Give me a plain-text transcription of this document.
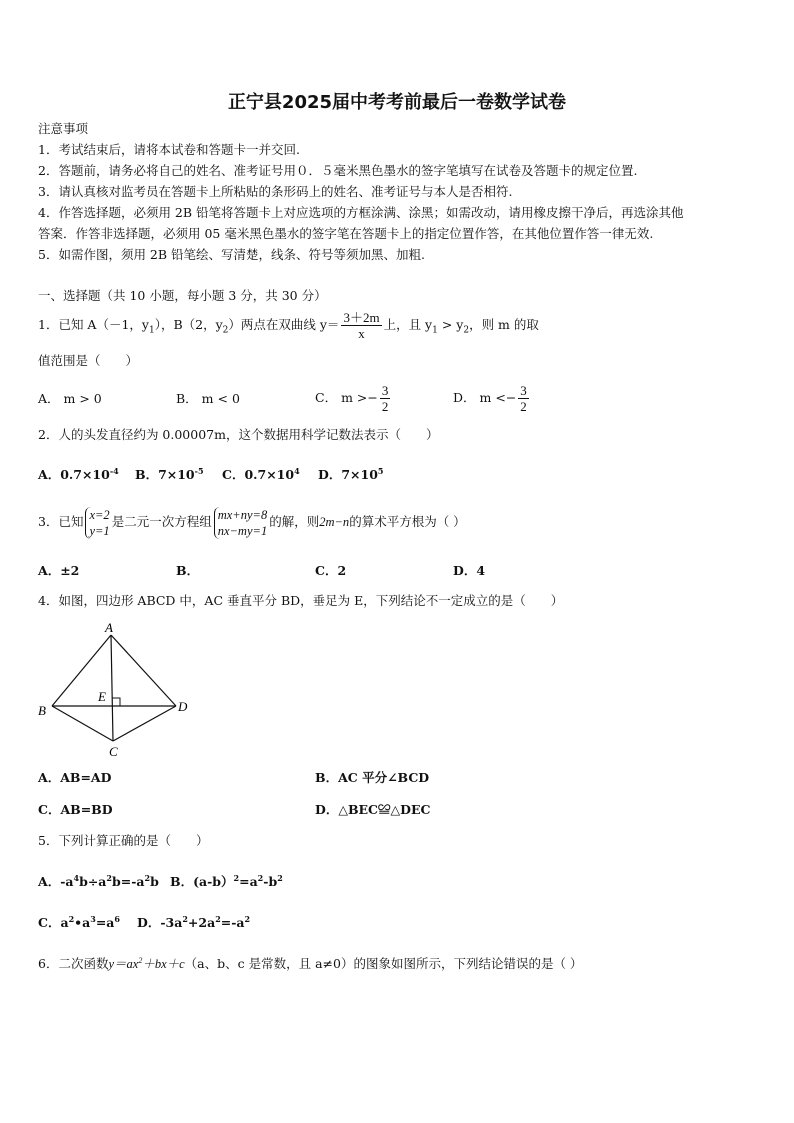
正宁县2025届中考考前最后一卷数学试卷
注意事项
1．考试结束后，请将本试卷和答题卡一并交回.
2．答题前，请务必将自己的姓名、准考证号用０．５毫米黑色墨水的签字笔填写在试卷及答题卡的规定位置.
3．请认真核对监考员在答题卡上所粘贴的条形码上的姓名、准考证号与本人是否相符.
4．作答选择题，必须用 2B 铅笔将答题卡上对应选项的方框涂满、涂黑；如需改动，请用橡皮擦干净后，再选涂其他
答案．作答非选择题，必须用 05 毫米黑色墨水的签字笔在答题卡上的指定位置作答，在其他位置作答一律无效.
5．如需作图，须用 2B 铅笔绘、写清楚，线条、符号等须加黑、加粗.
一、选择题（共 10 小题，每小题 3 分，共 30 分）
1．已知 A（－1，$y_1$），B（2，$y_2$）两点在双曲线 $y= \frac{3+2m}{x}$ 上，且 $y_1 > y_2$，则 m 的取
值范围是（　　）
A． m > 0	B． m < 0	C． $m >- \frac{3}{2}$	D． $m <- \frac{3}{2}$
2．人的头发直径约为 0.00007m，这个数据用科学记数法表示（　　）
A．$0.7\times 10^{-4}$ B．$7\times 10^{-5}$ C．$0.7\times 10^4$ D．$7\times 10^5$
3．已知 x=2
y=1
是二元一次方程组 mx+ny=8
nx−my=1
的解，则2m−n的算术平方根为（ ）
A．±2	B．	C．2	D．4
4．如图，四边形 ABCD 中，AC 垂直平分 BD，垂足为 E，下列结论不一定成立的是（　　）
A
B
C
D
E
A．AB=AD	B．AC 平分∠BCD
C．AB=BD	D．△BEC≌△DEC
5．下列计算正确的是（　　）
A．$-a^4b\div a^2b=-a^2b$ B．$(a-b)^2=a^2-b^2$
C．$a^2•a^3=a^6$ D．$-3a^2+2a^2=-a^2$
6．二次函数$y=ax^2+bx+c(a$、b、c 是常数，且 a≠0）的图象如图所示，下列结论错误的是（ ）
